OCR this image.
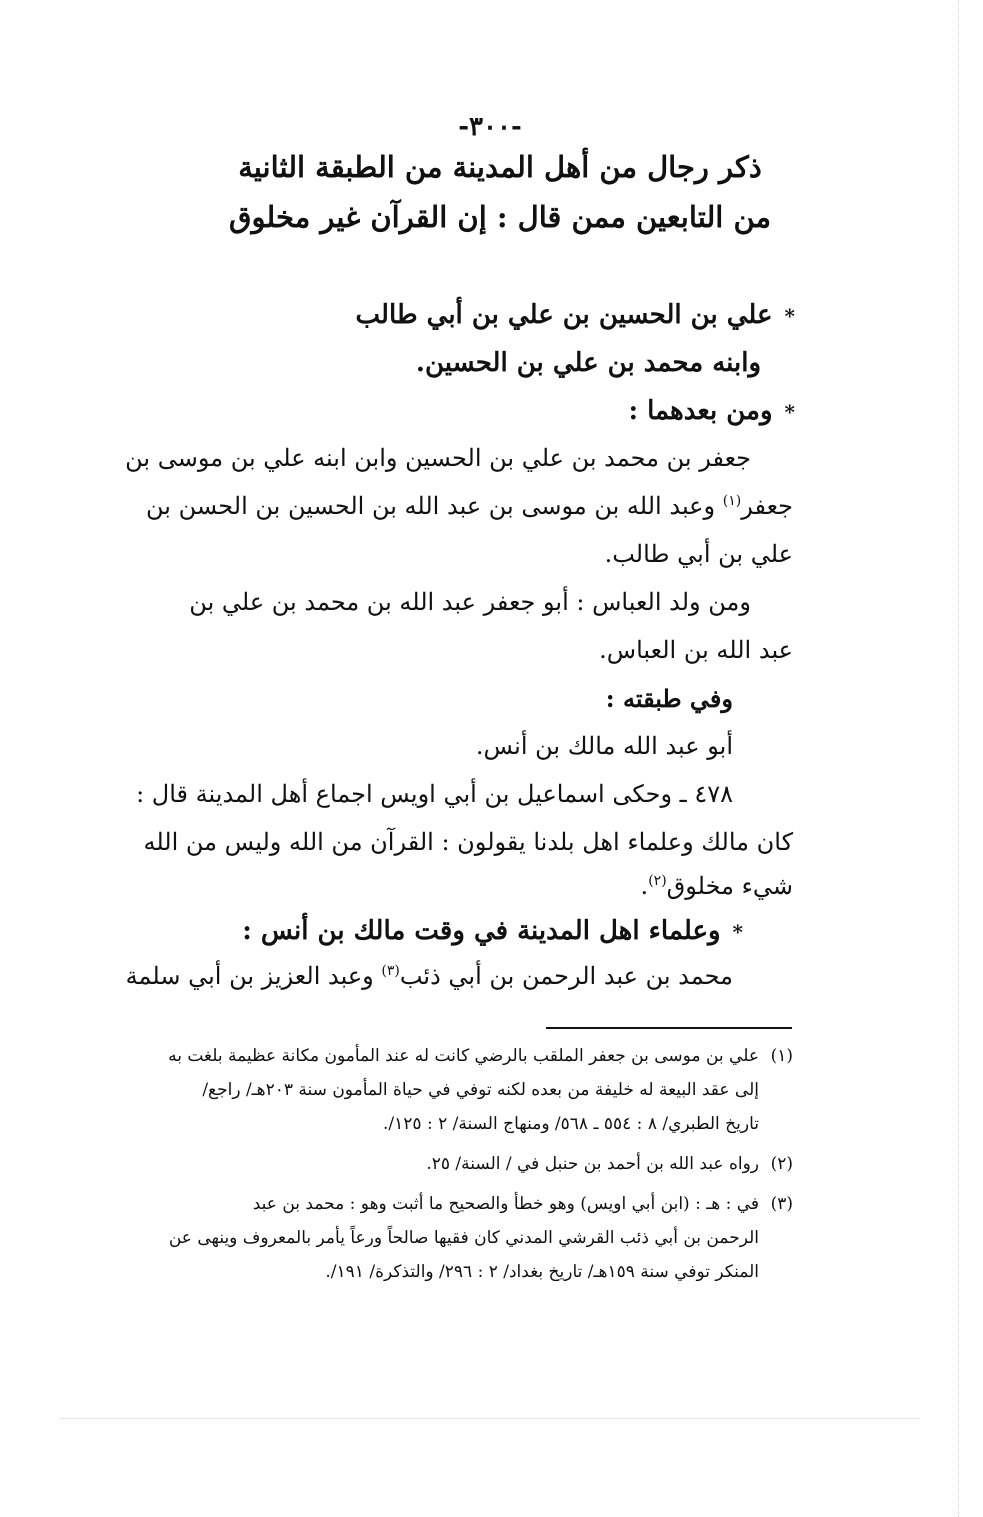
-٣٠٠-
ذكر رجال من أهل المدينة من الطبقة الثانية
من التابعين ممن قال : إن القرآن غير مخلوق
*علي بن الحسين بن علي بن أبي طالب
وابنه محمد بن علي بن الحسين.
*ومن بعدهما :
جعفر بن محمد بن علي بن الحسين وابن ابنه علي بن موسى بن
جعفر$^{(١)}$ وعبد الله بن موسى بن عبد الله بن الحسين بن الحسن بن
علي بن أبي طالب.
ومن ولد العباس : أبو جعفر عبد الله بن محمد بن علي بن
عبد الله بن العباس.
وفي طبقته :
أبو عبد الله مالك بن أنس.
٤٧٨ ـ وحكى اسماعيل بن أبي اويس اجماع أهل المدينة قال :
كان مالك وعلماء اهل بلدنا يقولون : القرآن من الله وليس من الله
شيء مخلوق$^{(٢)}$.
*وعلماء اهل المدينة في وقت مالك بن أنس :
محمد بن عبد الرحمن بن أبي ذئب$^{(٣)}$ وعبد العزيز بن أبي سلمة
(١)علي بن موسى بن جعفر الملقب بالرضي كانت له عند المأمون مكانة عظيمة بلغت به
إلى عقد البيعة له خليفة من بعده لكنه توفي في حياة المأمون سنة ٢٠٣هـ/ راجع/
تاريخ الطبري/ ٨ : ٥٥٤ ـ ٥٦٨/ ومنهاج السنة/ ٢ : ١٢٥/.
(٢)رواه عبد الله بن أحمد بن حنبل في / السنة/ ٢٥.
(٣)في : هـ : (ابن أبي اويس) وهو خطأ والصحيح ما أثبت وهو : محمد بن عبد
الرحمن بن أبي ذئب القرشي المدني كان فقيها صالحاً ورعاً يأمر بالمعروف وينهى عن
المنكر توفي سنة ١٥٩هـ/ تاريخ بغداد/ ٢ : ٢٩٦/ والتذكرة/ ١٩١/.
